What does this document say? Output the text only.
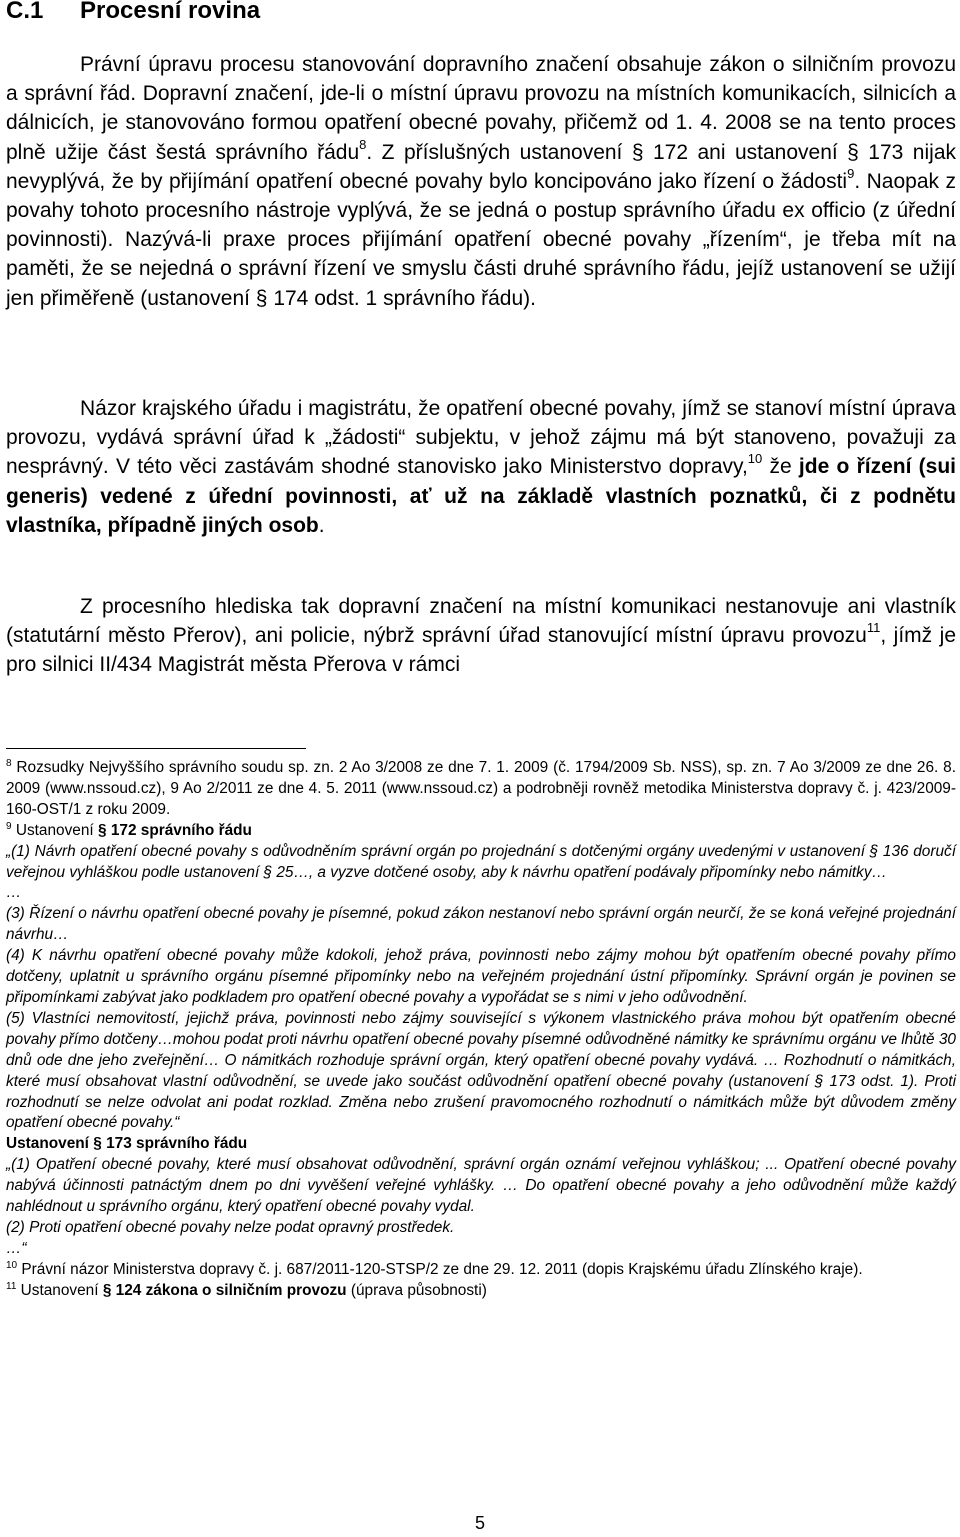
C.1 Procesní rovina

Právní úpravu procesu stanovování dopravního značení obsahuje zákon o silničním provozu a správní řád. Dopravní značení, jde-li o místní úpravu provozu na místních komunikacích, silnicích a dálnicích, je stanovováno formou opatření obecné povahy, přičemž od 1. 4. 2008 se na tento proces plně užije část šestá správního řádu$^8$. Z příslušných ustanovení § 172 ani ustanovení § 173 nijak nevyplývá, že by přijímání opatření obecné povahy bylo koncipováno jako řízení o žádosti$^9$. Naopak z povahy tohoto procesního nástroje vyplývá, že se jedná o postup správního úřadu ex officio (z úřední povinnosti). Nazývá-li praxe proces přijímání opatření obecné povahy „řízením“, je třeba mít na paměti, že se nejedná o správní řízení ve smyslu části druhé správního řádu, jejíž ustanovení se užijí jen přiměřeně (ustanovení § 174 odst. 1 správního řádu).

Názor krajského úřadu i magistrátu, že opatření obecné povahy, jímž se stanoví místní úprava provozu, vydává správní úřad k „žádosti“ subjektu, v jehož zájmu má být stanoveno, považuji za nesprávný. V této věci zastávám shodné stanovisko jako Ministerstvo dopravy,$^{10}$ že jde o řízení (sui generis) vedené z úřední povinnosti, ať už na základě vlastních poznatků, či z podnětu vlastníka, případně jiných osob.

Z procesního hlediska tak dopravní značení na místní komunikaci nestanovuje ani vlastník (statutární město Přerov), ani policie, nýbrž správní úřad stanovující místní úpravu provozu$^{11}$, jímž je pro silnici II/434 Magistrát města Přerova v rámci

$^8$ Rozsudky Nejvyššího správního soudu sp. zn. 2 Ao 3/2008 ze dne 7. 1. 2009 (č. 1794/2009 Sb. NSS), sp. zn. 7 Ao 3/2009 ze dne 26. 8. 2009 (www.nssoud.cz), 9 Ao 2/2011 ze dne 4. 5. 2011 (www.nssoud.cz) a podrobněji rovněž metodika Ministerstva dopravy č. j. 423/2009-160-OST/1 z roku 2009.

$^9$ Ustanovení § 172 správního řádu

„(1) Návrh opatření obecné povahy s odůvodněním správní orgán po projednání s dotčenými orgány uvedenými v ustanovení § 136 doručí veřejnou vyhláškou podle ustanovení § 25…, a vyzve dotčené osoby, aby k návrhu opatření podávaly připomínky nebo námitky…

…

(3) Řízení o návrhu opatření obecné povahy je písemné, pokud zákon nestanoví nebo správní orgán neurčí, že se koná veřejné projednání návrhu…

(4) K návrhu opatření obecné povahy může kdokoli, jehož práva, povinnosti nebo zájmy mohou být opatřením obecné povahy přímo dotčeny, uplatnit u správního orgánu písemné připomínky nebo na veřejném projednání ústní připomínky. Správní orgán je povinen se připomínkami zabývat jako podkladem pro opatření obecné povahy a vypořádat se s nimi v jeho odůvodnění.

(5) Vlastníci nemovitostí, jejichž práva, povinnosti nebo zájmy související s výkonem vlastnického práva mohou být opatřením obecné povahy přímo dotčeny…mohou podat proti návrhu opatření obecné povahy písemné odůvodněné námitky ke správnímu orgánu ve lhůtě 30 dnů ode dne jeho zveřejnění… O námitkách rozhoduje správní orgán, který opatření obecné povahy vydává. … Rozhodnutí o námitkách, které musí obsahovat vlastní odůvodnění, se uvede jako součást odůvodnění opatření obecné povahy (ustanovení § 173 odst. 1). Proti rozhodnutí se nelze odvolat ani podat rozklad. Změna nebo zrušení pravomocného rozhodnutí o námitkách může být důvodem změny opatření obecné povahy.“

Ustanovení § 173 správního řádu

„(1) Opatření obecné povahy, které musí obsahovat odůvodnění, správní orgán oznámí veřejnou vyhláškou; ... Opatření obecné povahy nabývá účinnosti patnáctým dnem po dni vyvěšení veřejné vyhlášky. … Do opatření obecné povahy a jeho odůvodnění může každý nahlédnout u správního orgánu, který opatření obecné povahy vydal.

(2) Proti opatření obecné povahy nelze podat opravný prostředek.

…“

$^{10}$ Právní názor Ministerstva dopravy č. j. 687/2011-120-STSP/2 ze dne 29. 12. 2011 (dopis Krajskému úřadu Zlínského kraje).

$^{11}$ Ustanovení § 124 zákona o silničním provozu (úprava působnosti)

5
